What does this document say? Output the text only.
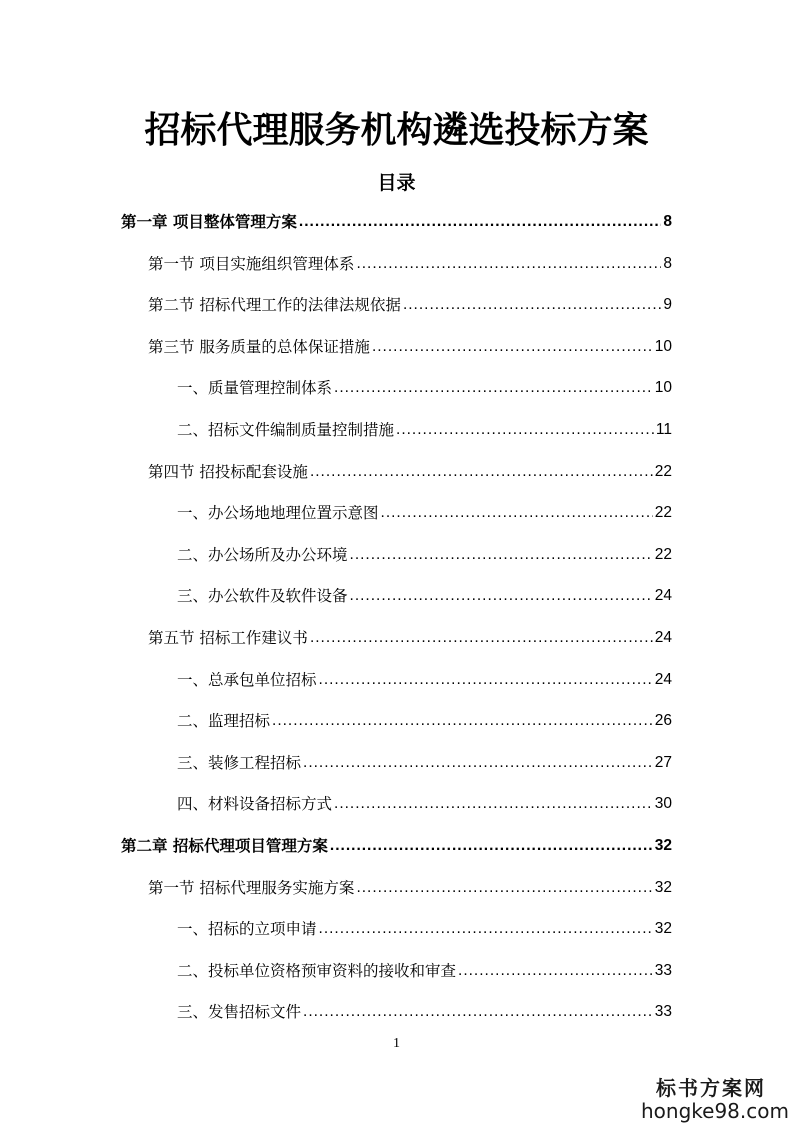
招标代理服务机构遴选投标方案
目录
第一章 项目整体管理方案 .....	8
第一节 项目实施组织管理体系 .....	8
第二节 招标代理工作的法律法规依据 .....	9
第三节 服务质量的总体保证措施 .....	10
一、质量管理控制体系 .....	10
二、招标文件编制质量控制措施 .....	11
第四节 招投标配套设施 .....	22
一、办公场地地理位置示意图 .....	22
二、办公场所及办公环境 .....	22
三、办公软件及软件设备 .....	24
第五节 招标工作建议书 .....	24
一、总承包单位招标 .....	24
二、监理招标 .....	26
三、装修工程招标 .....	27
四、材料设备招标方式 .....	30
第二章 招标代理项目管理方案 .....	32
第一节 招标代理服务实施方案 .....	32
一、招标的立项申请 .....	32
二、投标单位资格预审资料的接收和审查 .....	33
三、发售招标文件 .....	33
1
标书方案网
hongke98.com
